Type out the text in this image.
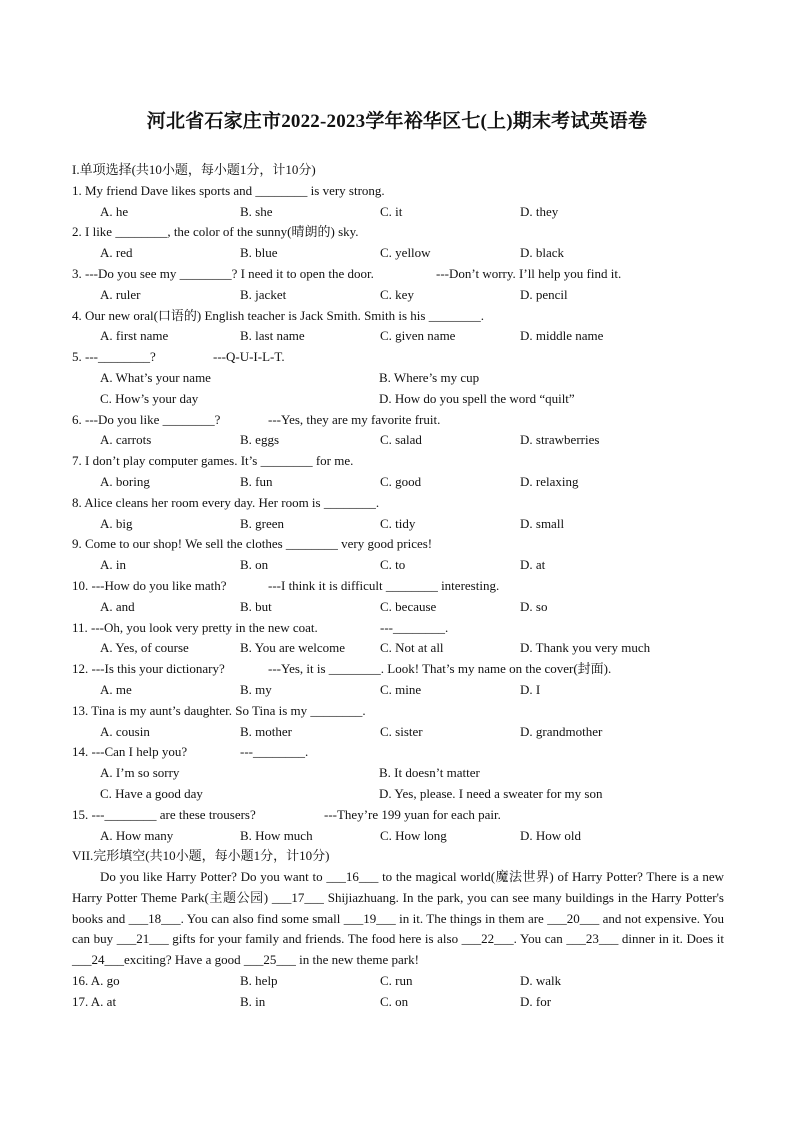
河北省石家庄市2022-2023学年裕华区七(上)期末考试英语卷
I.单项选择(共10小题，每小题1分，计10分)
1. My friend Dave likes sports and ________ is very strong.
A. he	B. she	C. it	D. they
2. I like ________, the color of the sunny(晴朗的) sky.
A. red	B. blue	C. yellow	D. black
3. ---Do you see my ________? I need it to open the door.	---Don’t worry. I’ll help you find it.
A. ruler	B. jacket	C. key	D. pencil
4. Our new oral(口语的) English teacher is Jack Smith. Smith is his ________.
A. first name	B. last name	C. given name	D. middle name
5. ---________?	---Q-U-I-L-T.
A. What’s your name	B. Where’s my cup
C. How’s your day	D. How do you spell the word “quilt”
6. ---Do you like ________?	---Yes, they are my favorite fruit.
A. carrots	B. eggs	C. salad	D. strawberries
7. I don’t play computer games. It’s ________ for me.
A. boring	B. fun	C. good	D. relaxing
8. Alice cleans her room every day. Her room is ________.
A. big	B. green	C. tidy	D. small
9. Come to our shop! We sell the clothes ________ very good prices!
A. in	B. on	C. to	D. at
10. ---How do you like math?	---I think it is difficult ________ interesting.
A. and	B. but	C. because	D. so
11. ---Oh, you look very pretty in the new coat.	---________.
A. Yes, of course	B. You are welcome	C. Not at all	D. Thank you very much
12. ---Is this your dictionary?	---Yes, it is ________. Look! That’s my name on the cover(封面).
A. me	B. my	C. mine	D. I
13. Tina is my aunt’s daughter. So Tina is my ________.
A. cousin	B. mother	C. sister	D. grandmother
14. ---Can I help you?	---________.
A. I’m so sorry	B. It doesn’t matter
C. Have a good day	D. Yes, please. I need a sweater for my son
15. ---________ are these trousers?	---They’re 199 yuan for each pair.
A. How many	B. How much	C. How long	D. How old
VII.完形填空(共10小题，每小题1分，计10分)
Do you like Harry Potter? Do you want to ___16___ to the magical world(魔法世界) of Harry Potter? There is a new Harry Potter Theme Park(主题公园) ___17___ Shijiazhuang. In the park, you can see many buildings in the Harry Potter's books and ___18___. You can also find some small ___19___ in it. The things in them are ___20___ and not expensive. You can buy ___21___ gifts for your family and friends. The food here is also ___22___. You can ___23___ dinner in it. Does it ___24___exciting? Have a good ___25___ in the new theme park!
16. A. go	B. help	C. run	D. walk
17. A. at	B. in	C. on	D. for
